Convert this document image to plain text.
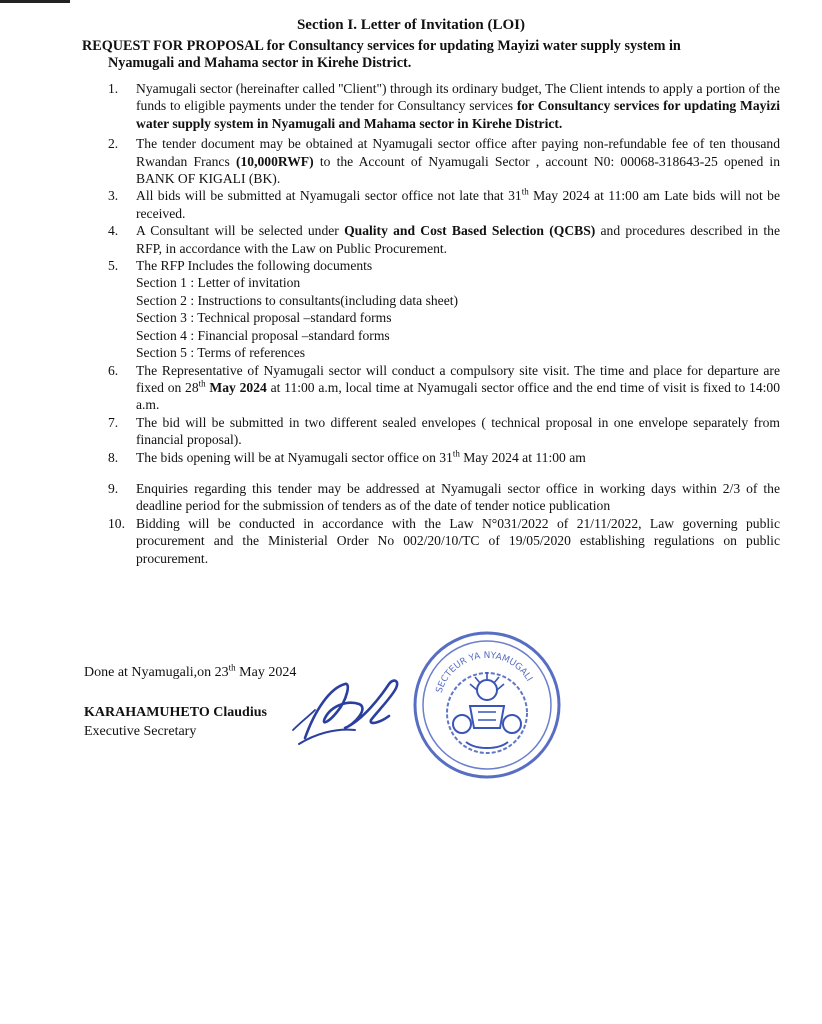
Section I. Letter of Invitation (LOI)
REQUEST FOR PROPOSAL for Consultancy services for updating Mayizi water supply system in
Nyamugali and Mahama sector in Kirehe District.
1. Nyamugali sector (hereinafter called ''Client") through its ordinary budget, The Client intends to apply a portion of the funds to eligible payments under the tender for Consultancy services for Consultancy services for updating Mayizi water supply system in Nyamugali and Mahama sector in Kirehe District.

2. The tender document may be obtained at Nyamugali sector office after paying non-refundable fee of ten thousand Rwandan Francs (10,000RWF) to the Account of Nyamugali Sector , account N0: 00068-318643-25 opened in BANK OF KIGALI (BK).

3. All bids will be submitted at Nyamugali sector office not late that 31th May 2024 at 11:00 am Late bids will not be received.

4. A Consultant will be selected under Quality and Cost Based Selection (QCBS) and procedures described in the RFP, in accordance with the Law on Public Procurement.

5. The RFP Includes the following documents

Section 1 : Letter of invitation
Section 2 : Instructions to consultants(including data sheet)
Section 3 : Technical proposal –standard forms
Section 4 : Financial proposal –standard forms
Section 5 : Terms of references
6. The Representative of Nyamugali sector will conduct a compulsory site visit. The time and place for departure are fixed on 28th May 2024 at 11:00 a.m, local time at Nyamugali sector office and the end time of visit is fixed to 14:00 a.m.

7. The bid will be submitted in two different sealed envelopes ( technical proposal in one envelope separately from financial proposal).

8. The bids opening will be at Nyamugali sector office on 31th May 2024 at 11:00 am

9. Enquiries regarding this tender may be addressed at Nyamugali sector office in working days within 2/3 of the deadline period for the submission of tenders as of the date of tender notice publication

10. Bidding will be conducted in accordance with the Law N°031/2022 of 21/11/2022, Law governing public procurement and the Ministerial Order No 002/20/10/TC of 19/05/2020 establishing regulations on public procurement.

Done at Nyamugali,on 23th May 2024
KARAHAMUHETO Claudius
Executive Secretary
SECTEUR YA NYAMUGALI
